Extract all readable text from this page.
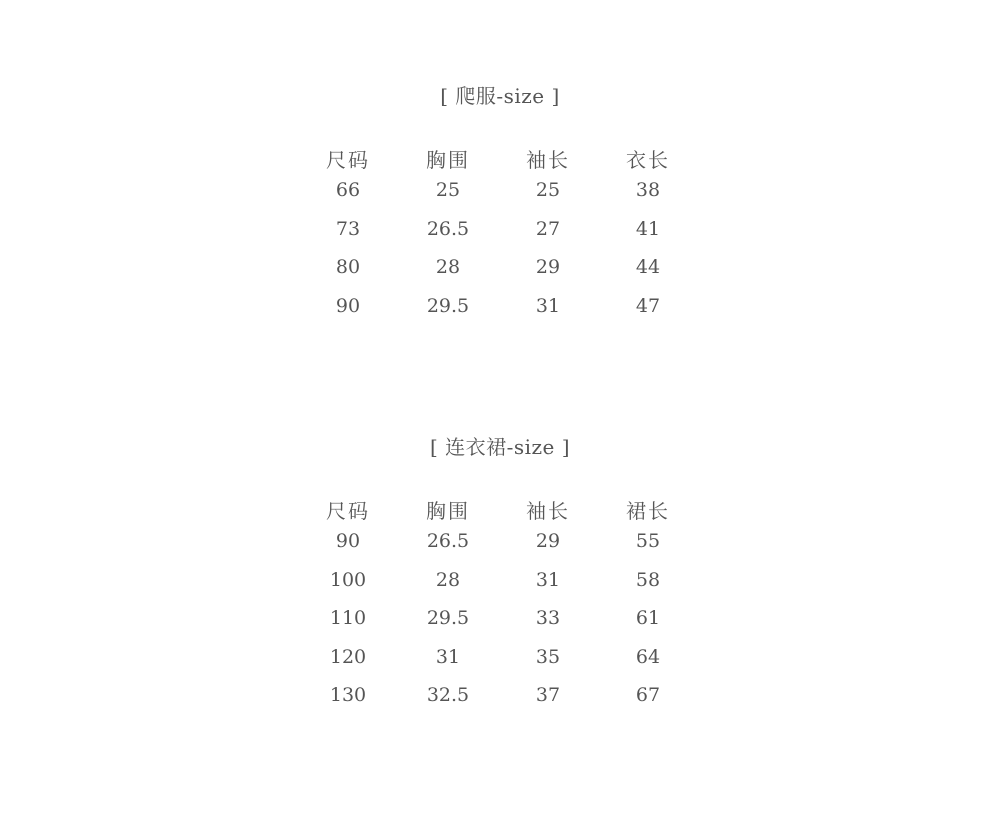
[ 爬服-size ]
尺码	胸围	袖长	衣长
66	25	25	38
73	26.5	27	41
80	28	29	44
90	29.5	31	47
[ 连衣裙-size ]
尺码	胸围	袖长	裙长
90	26.5	29	55
100	28	31	58
110	29.5	33	61
120	31	35	64
130	32.5	37	67
